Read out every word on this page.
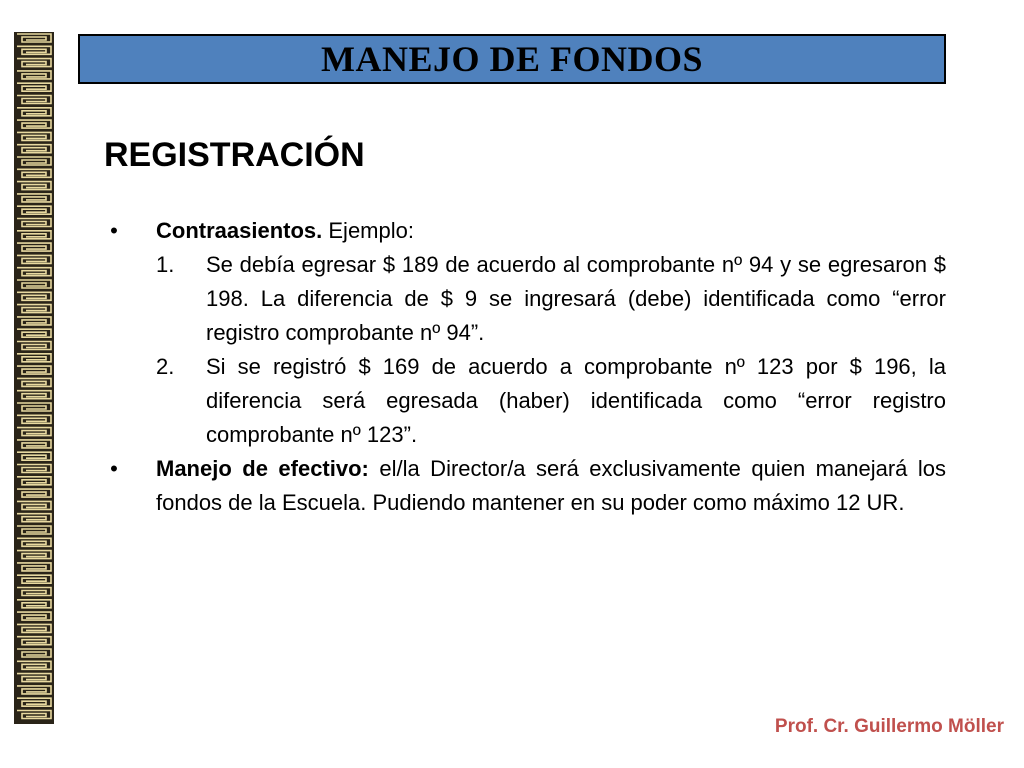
MANEJO DE FONDOS
REGISTRACIÓN
• Contraasientos. Ejemplo:
1. Se debía egresar $ 189 de acuerdo al comprobante nº 94 y se egresaron $ 198. La diferencia de $ 9 se ingresará (debe) identificada como “error registro comprobante nº 94”.
2. Si se registró $ 169 de acuerdo a comprobante nº 123 por $ 196, la diferencia será egresada (haber) identificada como “error registro comprobante nº 123”.
• Manejo de efectivo: el/la Director/a será exclusivamente quien manejará los fondos de la Escuela. Pudiendo mantener en su poder como máximo 12 UR.
Prof. Cr. Guillermo Möller
